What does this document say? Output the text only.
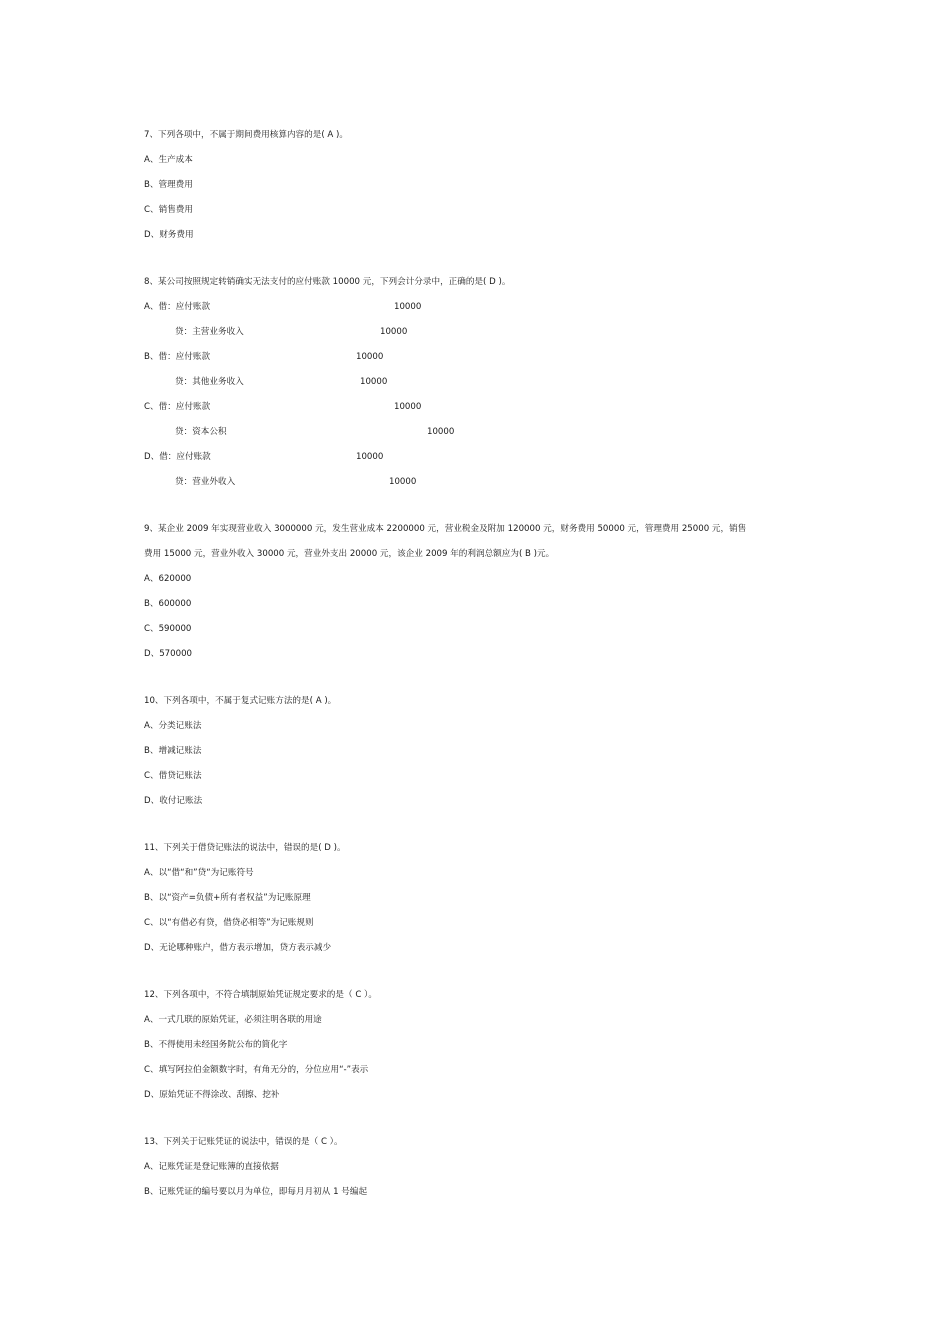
7、下列各项中，不属于期间费用核算内容的是( A )。
A、生产成本
B、管理费用
C、销售费用
D、财务费用
8、某公司按照规定转销确实无法支付的应付账款 10000 元，下列会计分录中，正确的是( D )。
A、借：应付账款	10000
贷：主营业务收入	10000
B、借：应付账款	10000
贷：其他业务收入	10000
C、借：应付账款	10000
贷：资本公积	10000
D、借：应付账款	10000
贷：营业外收入	10000
9、某企业 2009 年实现营业收入 3000000 元，发生营业成本 2200000 元，营业税金及附加 120000 元，财务费用 50000 元，管理费用 25000 元，销售
费用 15000 元，营业外收入 30000 元，营业外支出 20000 元，该企业 2009 年的利润总额应为( B )元。
A、620000
B、600000
C、590000
D、570000
10、下列各项中，不属于复式记账方法的是( A )。
A、分类记账法
B、增减记账法
C、借贷记账法
D、收付记账法
11、下列关于借贷记账法的说法中，错误的是( D )。
A、以“借“和”贷“为记账符号
B、以“资产=负债+所有者权益”为记账原理
C、以“有借必有贷，借贷必相等”为记账规则
D、无论哪种账户，借方表示增加，贷方表示减少
12、下列各项中，不符合填制原始凭证规定要求的是（ C ）。
A、一式几联的原始凭证，必须注明各联的用途
B、不得使用未经国务院公布的简化字
C、填写阿拉伯金额数字时，有角无分的，分位应用“-”表示
D、原始凭证不得涂改、刮擦、挖补
13、下列关于记账凭证的说法中，错误的是（ C ）。
A、记账凭证是登记账簿的直接依据
B、记账凭证的编号要以月为单位，即每月月初从 1 号编起
